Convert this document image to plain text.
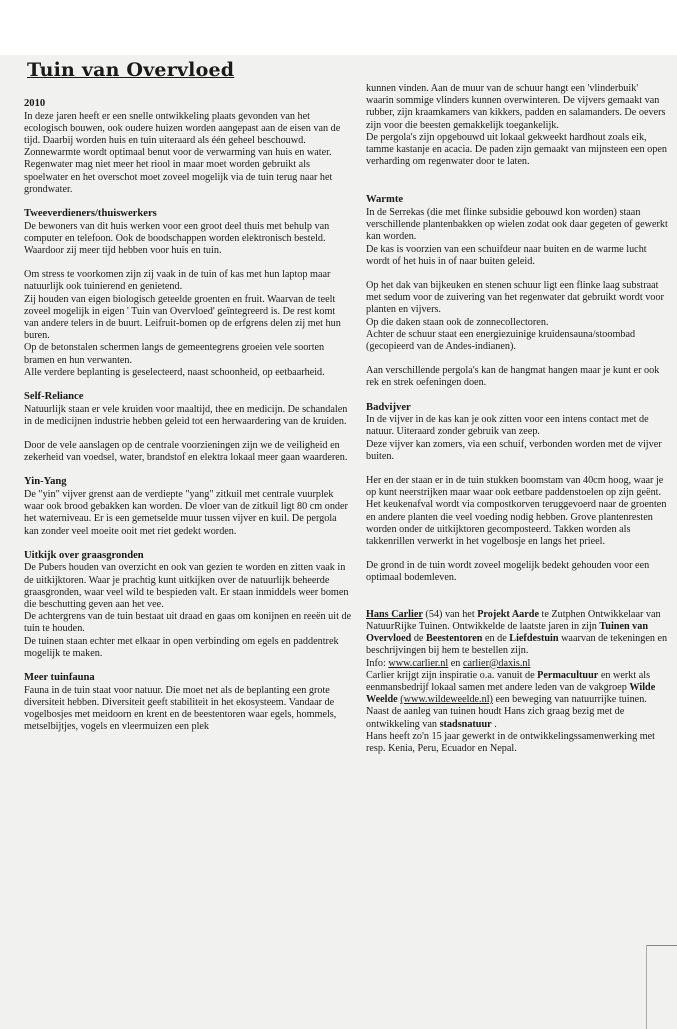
Tuin van Overvloed
2010

In deze jaren heeft er een snelle ontwikkeling plaats gevonden van het ecologisch bouwen, ook oudere huizen worden aangepast aan de eisen van de tijd. Daarbij worden huis en tuin uiteraard als één geheel beschouwd. Zonnewarmte wordt optimaal benut voor de verwarming van huis en water.

Regenwater mag niet meer het riool in maar moet worden gebruikt als spoelwater en het overschot moet zoveel mogelijk via de tuin terug naar het grondwater.

Tweeverdieners/thuiswerkers

De bewoners van dit huis werken voor een groot deel thuis met behulp van computer en telefoon. Ook de boodschappen worden elektronisch besteld.

Waardoor zij meer tijd hebben voor huis en tuin.

Om stress te voorkomen zijn zij vaak in de tuin of kas met hun laptop maar natuurlijk ook tuinierend en genietend.

Zij houden van eigen biologisch geteelde groenten en fruit. Waarvan de teelt zoveel mogelijk in eigen ' Tuin van Overvloed' geïntegreerd is. De rest komt van andere telers in de buurt. Leifruit-bomen op de erfgrens delen zij met hun buren.

Op de betonstalen schermen langs de gemeentegrens groeien vele soorten bramen en hun verwanten.

Alle verdere beplanting is geselecteerd, naast schoonheid, op eetbaarheid.

Self-Reliance

Natuurlijk staan er vele kruiden voor maaltijd, thee en medicijn. De schandalen in de medicijnen industrie hebben geleid tot een herwaardering van de kruiden.

Door de vele aanslagen op de centrale voorzieningen zijn we de veiligheid en zekerheid van voedsel, water, brandstof en elektra lokaal meer gaan waarderen.

Yin-Yang

De "yin" vijver grenst aan de verdiepte "yang" zitkuil met centrale vuurplek waar ook brood gebakken kan worden. De vloer van de zitkuil ligt 80 cm onder het waterniveau. Er is een gemetselde muur tussen vijver en kuil. De pergola kan zonder veel moeite ooit met riet gedekt worden.

Uitkijk over graasgronden

De Pubers houden van overzicht en ook van gezien te worden en zitten vaak in de uitkijktoren. Waar je prachtig kunt uitkijken over de natuurlijk beheerde graasgronden, waar veel wild te bespieden valt. Er staan inmiddels weer bomen die beschutting geven aan het vee.

De achtergrens van de tuin bestaat uit draad en gaas om konijnen en reeën uit de tuin te houden.

De tuinen staan echter met elkaar in open verbinding om egels en paddentrek mogelijk te maken.

Meer tuinfauna

Fauna in de tuin staat voor natuur. Die moet net als de beplanting een grote diversiteit hebben. Diversiteit geeft stabiliteit in het ekosysteem. Vandaar de vogelbosjes met meidoorn en krent en de beestentoren waar egels, hommels, metselbijtjes, vogels en vleermuizen een plek

kunnen vinden. Aan de muur van de schuur hangt een 'vlinderbuik' waarin sommige vlinders kunnen overwinteren. De vijvers gemaakt van rubber, zijn kraamkamers van kikkers, padden en salamanders. De oevers zijn voor die beesten gemakkelijk toegankelijk.

De pergola's zijn opgebouwd uit lokaal gekweekt hardhout zoals eik, tamme kastanje en acacia. De paden zijn gemaakt van mijnsteen een open verharding om regenwater door te laten.

Warmte

In de Serrekas (die met flinke subsidie gebouwd kon worden) staan verschillende plantenbakken op wielen zodat ook daar gegeten of gewerkt kan worden.

De kas is voorzien van een schuifdeur naar buiten en de warme lucht wordt of het huis in of naar buiten geleid.

Op het dak van bijkeuken en stenen schuur ligt een flinke laag substraat met sedum voor de zuivering van het regenwater dat gebruikt wordt voor planten en vijvers.

Op die daken staan ook de zonnecollectoren.

Achter de schuur staat een energiezuinige kruidensauna/stoombad (gecopieerd van de Andes-indianen).

Aan verschillende pergola's kan de hangmat hangen maar je kunt er ook rek en strek oefeningen doen.

Badvijver

In de vijver in de kas kan je ook zitten voor een intens contact met de natuur. Uiteraard zonder gebruik van zeep.

Deze vijver kan zomers, via een schuif, verbonden worden met de vijver buiten.

Her en der staan er in de tuin stukken boomstam van 40cm hoog, waar je op kunt neerstrijken maar waar ook eetbare paddenstoelen op zijn geënt.

Het keukenafval wordt via compostkorven teruggevoerd naar de groenten en andere planten die veel voeding nodig hebben. Grove plantenresten worden onder de uitkijktoren gecomposteerd. Takken worden als takkenrillen verwerkt in het vogelbosje en langs het prieel.

De grond in de tuin wordt zoveel mogelijk bedekt gehouden voor een optimaal bodemleven.

Hans Carlier (54) van het Projekt Aarde te Zutphen Ontwikkelaar van NatuurRijke Tuinen. Ontwikkelde de laatste jaren in zijn Tuinen van Overvloed de Beestentoren en de Liefdestuin waarvan de tekeningen en beschrijvingen bij hem te bestellen zijn.

Info: www.carlier.nl en carlier@daxis.nl

Carlier krijgt zijn inspiratie o.a. vanuit de Permacultuur en werkt als eenmansbedrijf lokaal samen met andere leden van de vakgroep Wilde Weelde (www.wildeweelde.nl) een beweging van natuurrijke tuinen. Naast de aanleg van tuinen houdt Hans zich graag bezig met de ontwikkeling van stadsnatuur .

Hans heeft zo'n 15 jaar gewerkt in de ontwikkelingssamenwerking met resp. Kenia, Peru, Ecuador en Nepal.
